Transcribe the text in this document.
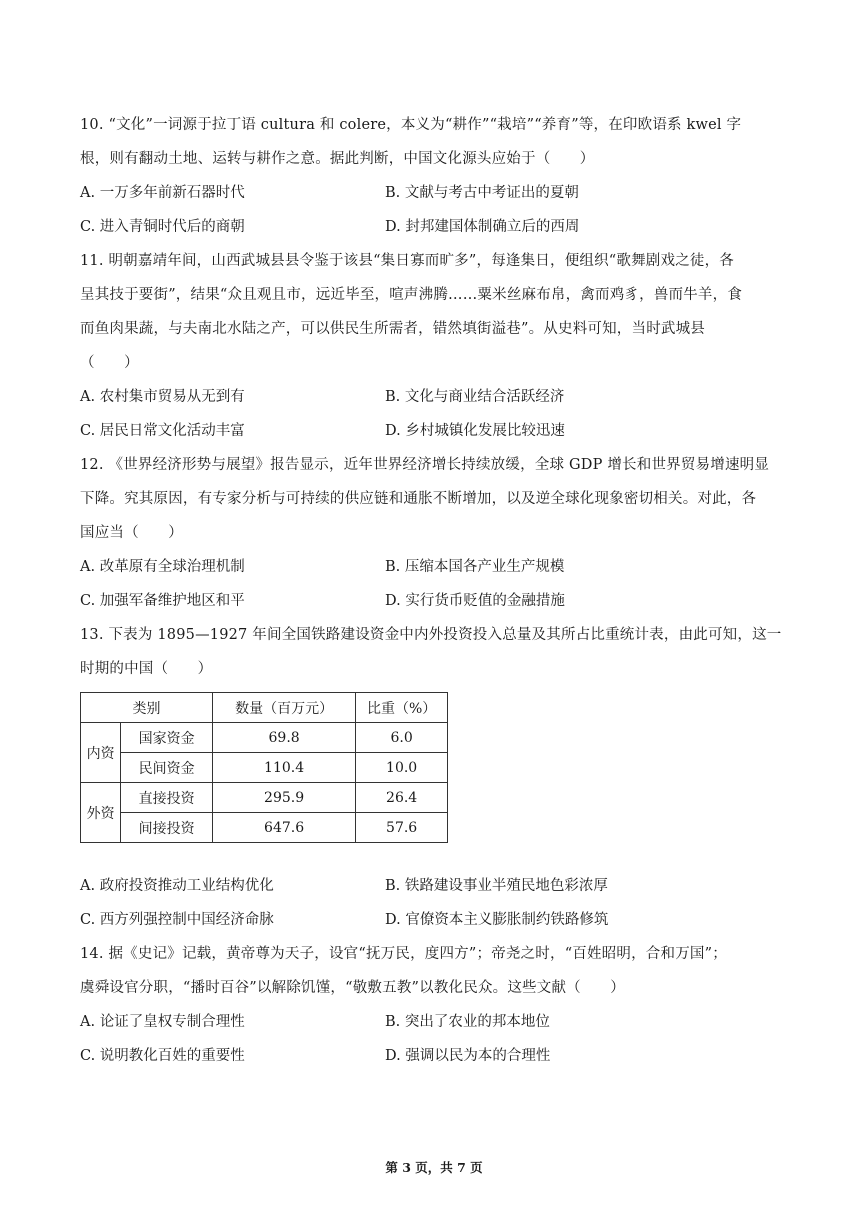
10. “文化”一词源于拉丁语 cultura 和 colere，本义为“耕作”“栽培”“养育”等，在印欧语系 kwel 字
根，则有翻动土地、运转与耕作之意。据此判断，中国文化源头应始于（　　）
A. 一万多年前新石器时代	B. 文献与考古中考证出的夏朝
C. 进入青铜时代后的商朝	D. 封邦建国体制确立后的西周
11. 明朝嘉靖年间，山西武城县县令鉴于该县“集日寡而旷多”，每逢集日，便组织“歌舞剧戏之徒，各
呈其技于要街”，结果“众且观且市，远近毕至，喧声沸腾……粟米丝麻布帛，禽而鸡豸，兽而牛羊，食
而鱼肉果蔬，与夫南北水陆之产，可以供民生所需者，错然填街溢巷”。从史料可知，当时武城县
（　　）
A. 农村集市贸易从无到有	B. 文化与商业结合活跃经济
C. 居民日常文化活动丰富	D. 乡村城镇化发展比较迅速
12. 《世界经济形势与展望》报告显示，近年世界经济增长持续放缓，全球 GDP 增长和世界贸易增速明显
下降。究其原因，有专家分析与可持续的供应链和通胀不断增加，以及逆全球化现象密切相关。对此，各
国应当（　　）
A. 改革原有全球治理机制	B. 压缩本国各产业生产规模
C. 加强军备维护地区和平	D. 实行货币贬值的金融措施
13. 下表为 1895—1927 年间全国铁路建设资金中内外投资投入总量及其所占比重统计表，由此可知，这一
时期的中国（　　）
类别		数量（百万元）	比重（%）
内资	国家资金	69.8	6.0
	民间资金	110.4	10.0
外资	直接投资	295.9	26.4
	间接投资	647.6	57.6
A. 政府投资推动工业结构优化	B. 铁路建设事业半殖民地色彩浓厚
C. 西方列强控制中国经济命脉	D. 官僚资本主义膨胀制约铁路修筑
14. 据《史记》记载，黄帝尊为天子，设官“抚万民，度四方”；帝尧之时，“百姓昭明，合和万国”；
虞舜设官分职，“播时百谷”以解除饥馑，“敬敷五教”以教化民众。这些文献（　　）
A. 论证了皇权专制合理性	B. 突出了农业的邦本地位
C. 说明教化百姓的重要性	D. 强调以民为本的合理性
第 3 页，共 7 页
